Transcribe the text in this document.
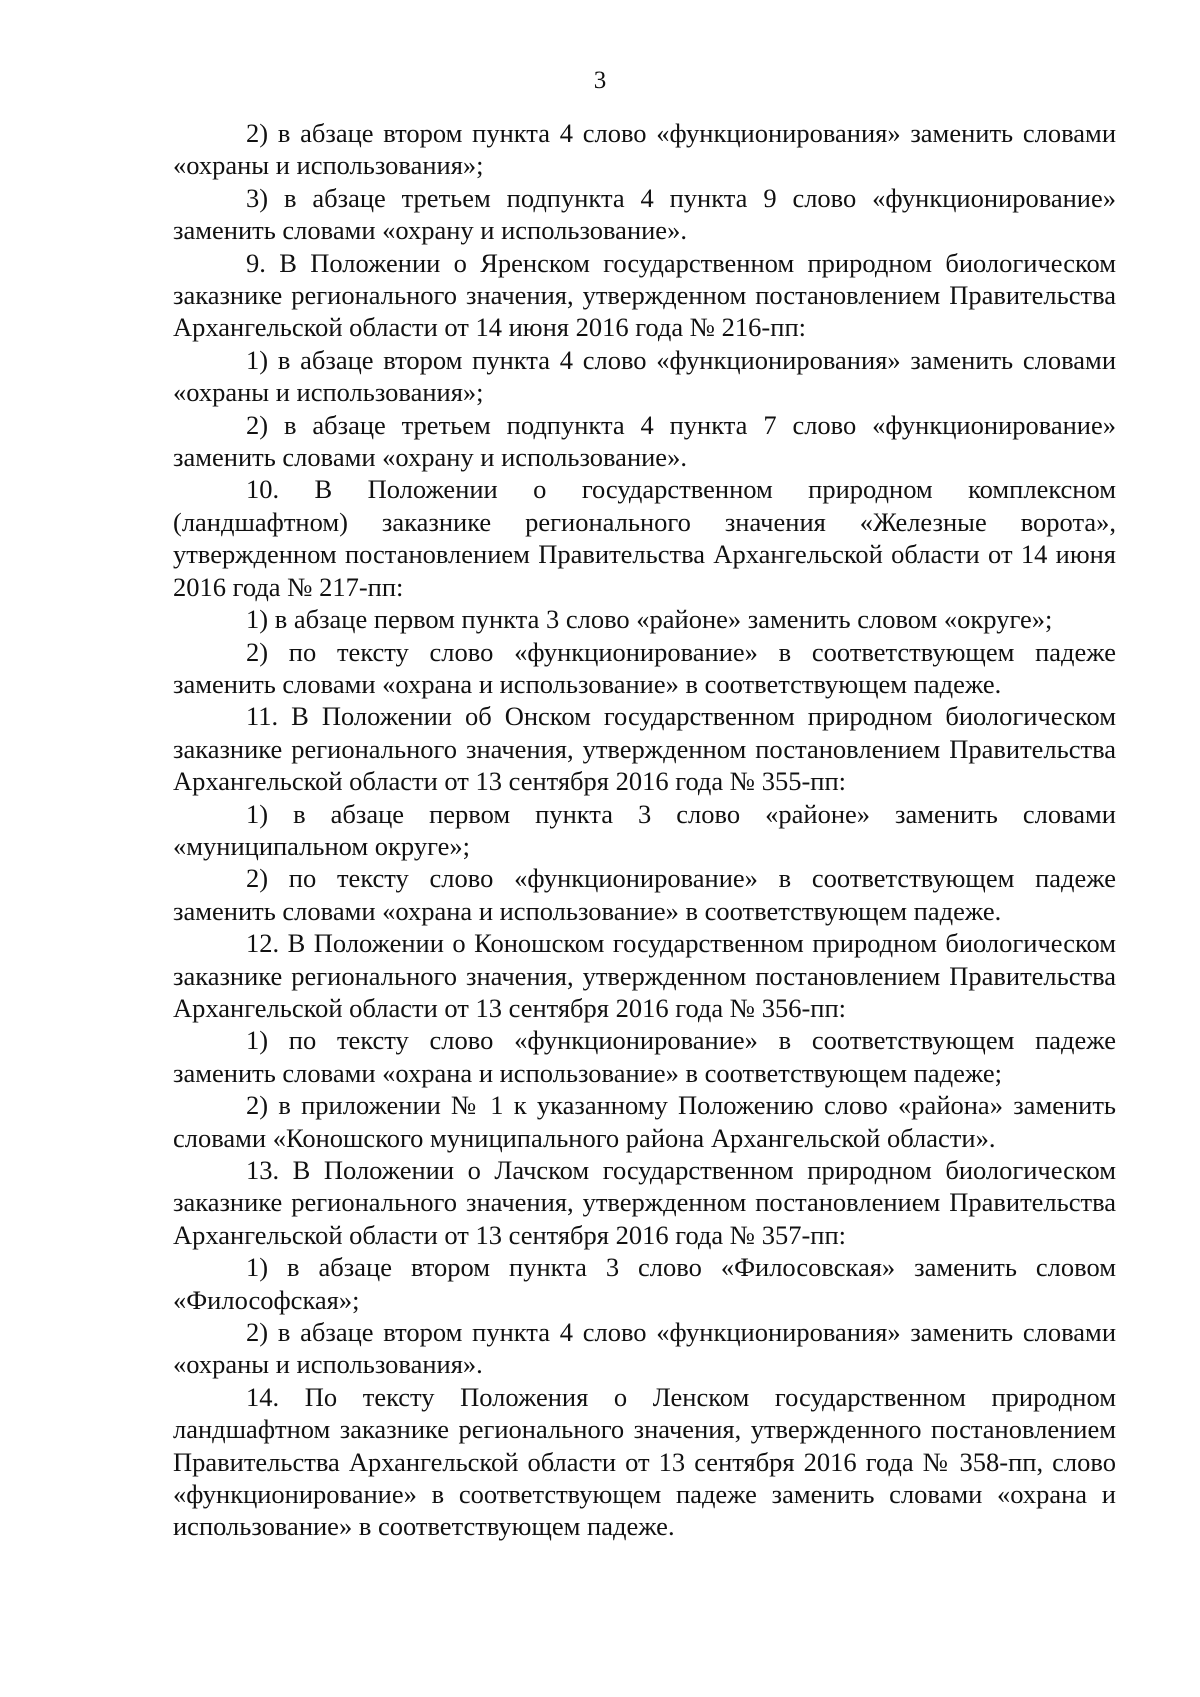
3

2) в абзаце втором пункта 4 слово «функционирования» заменить словами «охраны и использования»;

3) в абзаце третьем подпункта 4 пункта 9 слово «функционирование» заменить словами «охрану и использование».

9. В Положении о Яренском государственном природном биологическом заказнике регионального значения, утвержденном постановлением Правительства Архангельской области от 14 июня 2016 года № 216-пп:

1) в абзаце втором пункта 4 слово «функционирования» заменить словами «охраны и использования»;

2) в абзаце третьем подпункта 4 пункта 7 слово «функционирование» заменить словами «охрану и использование».

10. В Положении о государственном природном комплексном (ландшафтном) заказнике регионального значения «Железные ворота», утвержденном постановлением Правительства Архангельской области от 14 июня 2016 года № 217-пп:

1) в абзаце первом пункта 3 слово «районе» заменить словом «округе»;

2) по тексту слово «функционирование» в соответствующем падеже заменить словами «охрана и использование» в соответствующем падеже.

11. В Положении об Онском государственном природном биологическом заказнике регионального значения, утвержденном постановлением Правительства Архангельской области от 13 сентября 2016 года № 355-пп:

1) в абзаце первом пункта 3 слово «районе» заменить словами «муниципальном округе»;

2) по тексту слово «функционирование» в соответствующем падеже заменить словами «охрана и использование» в соответствующем падеже.

12. В Положении о Коношском государственном природном биологическом заказнике регионального значения, утвержденном постановлением Правительства Архангельской области от 13 сентября 2016 года № 356-пп:

1) по тексту слово «функционирование» в соответствующем падеже заменить словами «охрана и использование» в соответствующем падеже;

2) в приложении № 1 к указанному Положению слово «района» заменить словами «Коношского муниципального района Архангельской области».

13. В Положении о Лачском государственном природном биологическом заказнике регионального значения, утвержденном постановлением Правительства Архангельской области от 13 сентября 2016 года № 357-пп:

1) в абзаце втором пункта 3 слово «Филосовская» заменить словом «Философская»;

2) в абзаце втором пункта 4 слово «функционирования» заменить словами «охраны и использования».

14. По тексту Положения о Ленском государственном природном ландшафтном заказнике регионального значения, утвержденного постановлением Правительства Архангельской области от 13 сентября 2016 года № 358-пп, слово «функционирование» в соответствующем падеже заменить словами «охрана и использование» в соответствующем падеже.
